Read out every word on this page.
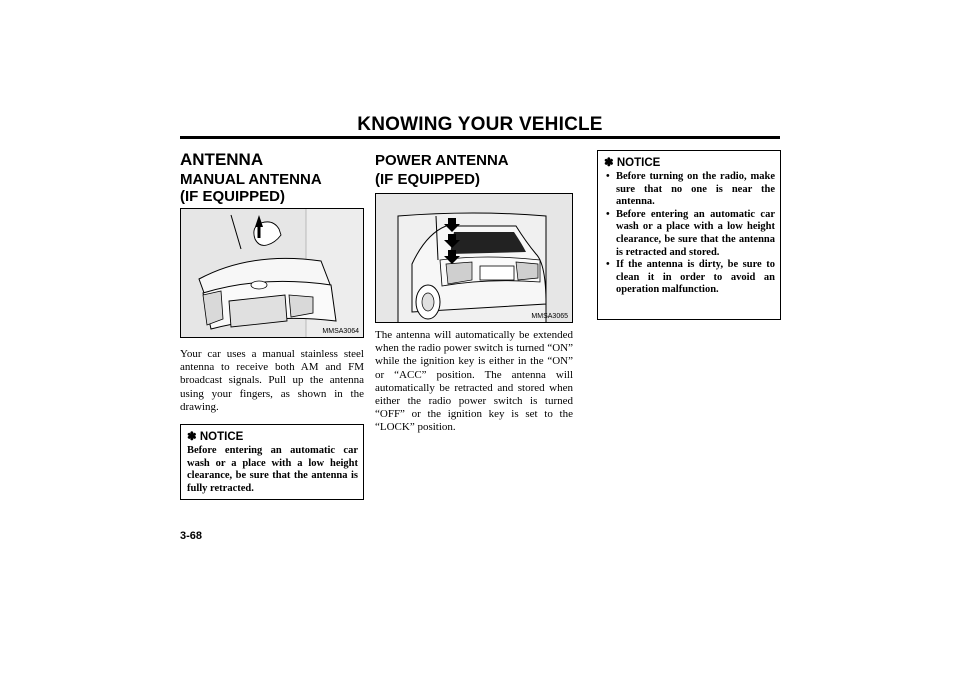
KNOWING YOUR VEHICLE
ANTENNA
MANUAL ANTENNA
(IF EQUIPPED)
MMSA3064

Your car uses a manual stainless steel antenna to receive both AM and FM broadcast signals. Pull up the antenna using your fingers, as shown in the drawing.

✽ NOTICE
Before entering an automatic car wash or a place with a low height clearance, be sure that the antenna is fully retracted.
POWER ANTENNA
(IF EQUIPPED)
MMSA3065

The antenna will automatically be extended when the radio power switch is turned “ON” while the ignition key is either in the “ON” or “ACC” position. The antenna will automatically be retracted and stored when either the radio power switch is turned “OFF” or the ignition key is set to the “LOCK” position.

✽ NOTICE
• Before turning on the radio, make sure that no one is near the antenna.
• Before entering an automatic car wash or a place with a low height clearance, be sure that the antenna is retracted and stored.
• If the antenna is dirty, be sure to clean it in order to avoid an operation malfunction.
3-68
